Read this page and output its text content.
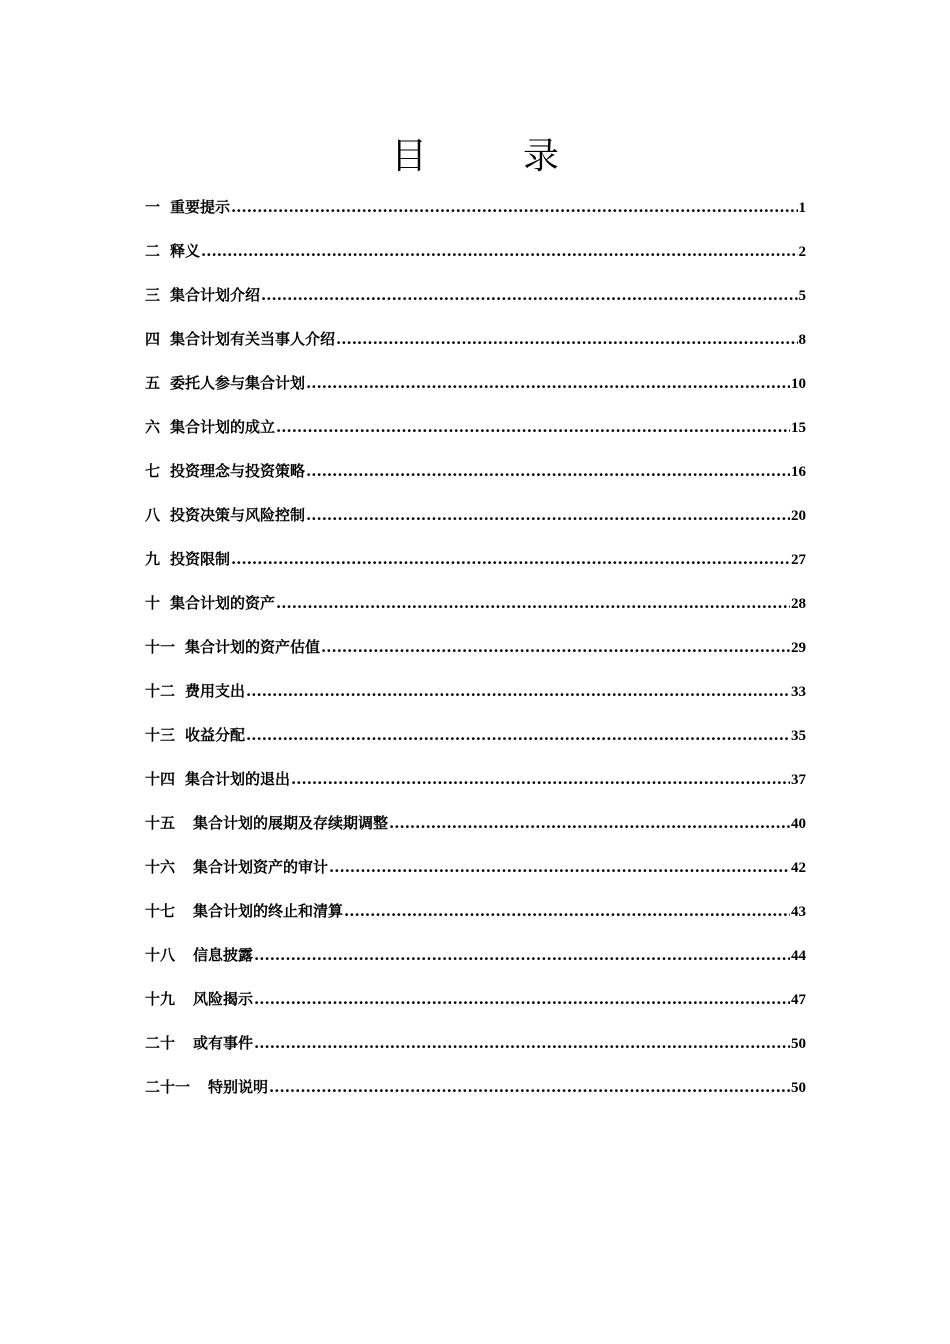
目　录
一 重要提示 .....	1
二 释义 .....	2
三 集合计划介绍 .....	5
四 集合计划有关当事人介绍 .....	8
五 委托人参与集合计划 .....	10
六 集合计划的成立 .....	15
七 投资理念与投资策略 .....	16
八 投资决策与风险控制 .....	20
九 投资限制 .....	27
十 集合计划的资产 .....	28
十一 集合计划的资产估值 .....	29
十二 费用支出 .....	33
十三 收益分配 .....	35
十四 集合计划的退出 .....	37
十五 集合计划的展期及存续期调整 .....	40
十六 集合计划资产的审计 .....	42
十七 集合计划的终止和清算 .....	43
十八 信息披露 .....	44
十九 风险揭示 .....	47
二十 或有事件 .....	50
二十一 特别说明 .....	50
